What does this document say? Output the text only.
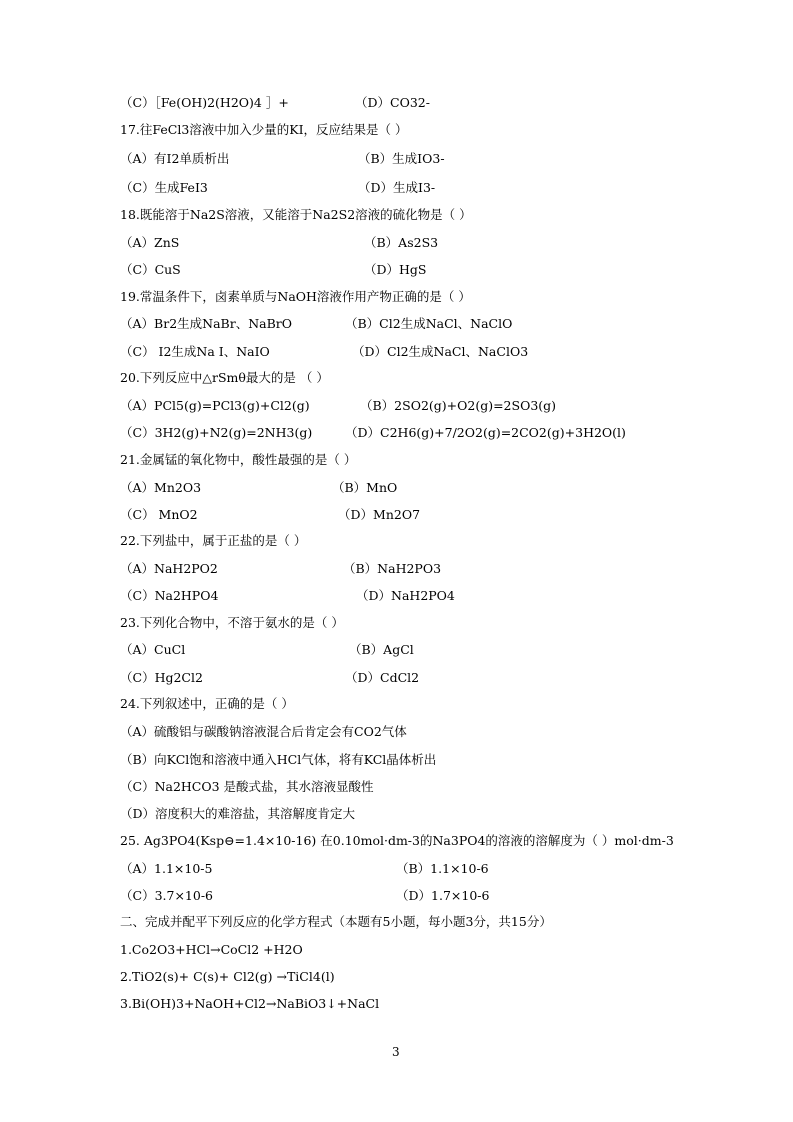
（C）［Fe(OH)2(H2O)4 ］+	（D）CO32-
17.往FeCl3溶液中加入少量的KI，反应结果是（ ）
（A）有I2单质析出	（B）生成IO3-
（C）生成FeI3	（D）生成I3-
18.既能溶于Na2S溶液，又能溶于Na2S2溶液的硫化物是（ ）
（A）ZnS	（B）As2S3
（C）CuS	（D）HgS
19.常温条件下，卤素单质与NaOH溶液作用产物正确的是（ ）
（A）Br2生成NaBr、NaBrO	（B）Cl2生成NaCl、NaClO
（C） I2生成Na I、NaIO	（D）Cl2生成NaCl、NaClO3
20.下列反应中△rSmθ最大的是 （ ）
（A）PCl5(g)=PCl3(g)+Cl2(g)	（B）2SO2(g)+O2(g)=2SO3(g)
（C）3H2(g)+N2(g)=2NH3(g)	（D）C2H6(g)+7/2O2(g)=2CO2(g)+3H2O(l)
21.金属锰的氧化物中，酸性最强的是（ ）
（A）Mn2O3	（B）MnO
（C） MnO2	（D）Mn2O7
22.下列盐中，属于正盐的是（ ）
（A）NaH2PO2	（B）NaH2PO3
（C）Na2HPO4	（D）NaH2PO4
23.下列化合物中，不溶于氨水的是（ ）
（A）CuCl	（B）AgCl
（C）Hg2Cl2	（D）CdCl2
24.下列叙述中，正确的是（ ）
（A）硫酸铝与碳酸钠溶液混合后肯定会有CO2气体
（B）向KCl饱和溶液中通入HCl气体，将有KCl晶体析出
（C）Na2HCO3 是酸式盐，其水溶液显酸性
（D）溶度积大的难溶盐，其溶解度肯定大
25. Ag3PO4(Ksp⊖=1.4×10-16) 在0.10mol·dm-3的Na3PO4的溶液的溶解度为（ ）mol·dm-3
（A）1.1×10-5	（B）1.1×10-6
（C）3.7×10-6	（D）1.7×10-6
二、完成并配平下列反应的化学方程式（本题有5小题，每小题3分，共15分）
1.Co2O3+HCl→CoCl2 +H2O
2.TiO2(s)+ C(s)+ Cl2(g) →TiCl4(l)
3.Bi(OH)3+NaOH+Cl2→NaBiO3↓+NaCl
3
